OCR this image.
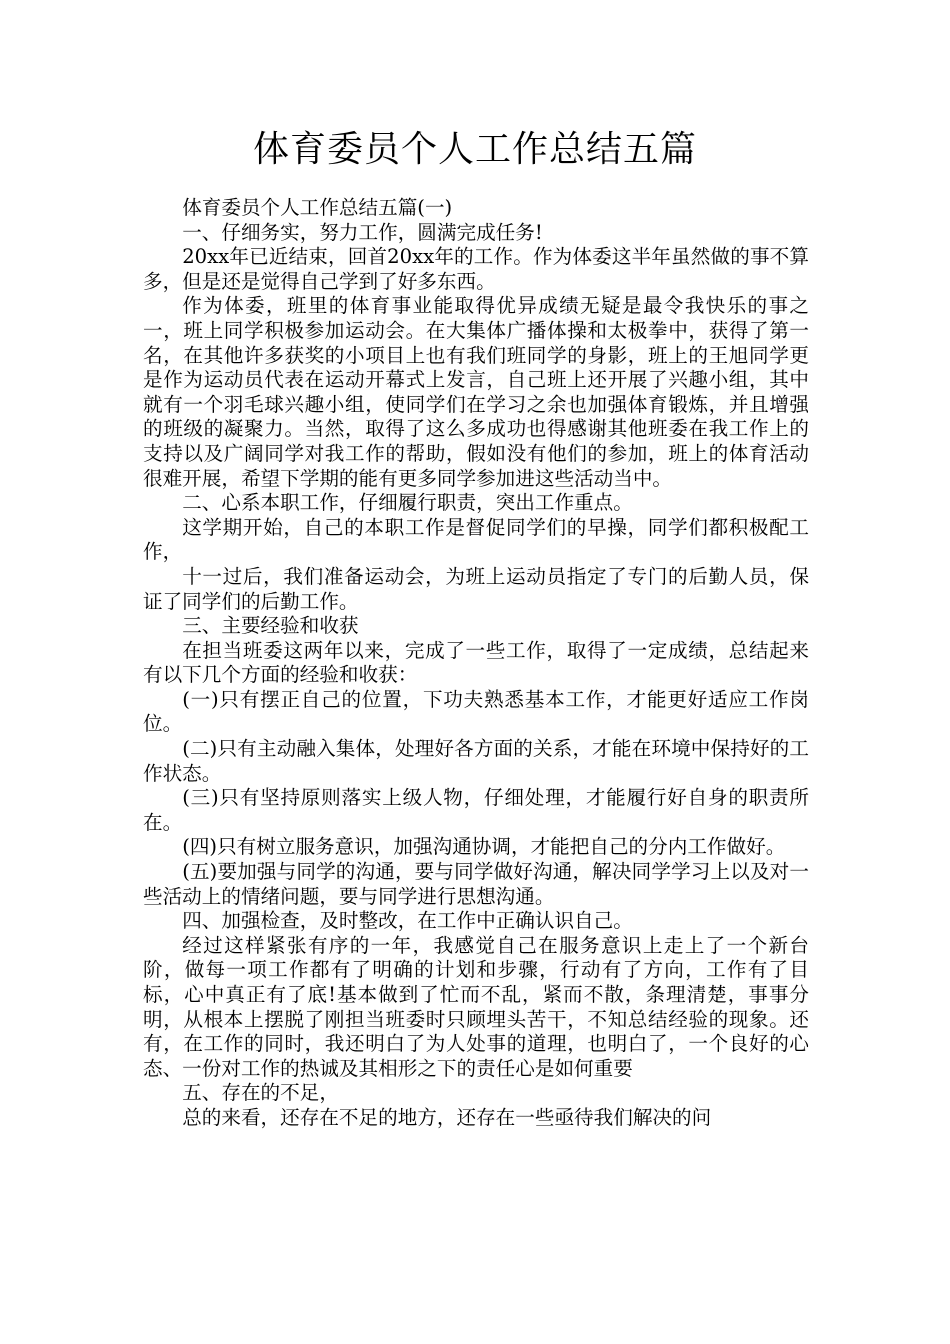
体育委员个人工作总结五篇

体育委员个人工作总结五篇(一)

一、仔细务实，努力工作，圆满完成任务!

20xx年已近结束，回首20xx年的工作。作为体委这半年虽然做的事不算多，但是还是觉得自己学到了好多东西。

作为体委，班里的体育事业能取得优异成绩无疑是最令我快乐的事之一，班上同学积极参加运动会。在大集体广播体操和太极拳中，获得了第一名，在其他许多获奖的小项目上也有我们班同学的身影，班上的王旭同学更是作为运动员代表在运动开幕式上发言，自己班上还开展了兴趣小组，其中就有一个羽毛球兴趣小组，使同学们在学习之余也加强体育锻炼，并且增强的班级的凝聚力。当然，取得了这么多成功也得感谢其他班委在我工作上的支持以及广阔同学对我工作的帮助，假如没有他们的参加，班上的体育活动很难开展，希望下学期的能有更多同学参加进这些活动当中。

二、心系本职工作，仔细履行职责，突出工作重点。

这学期开始，自己的本职工作是督促同学们的早操，同学们都积极配工作，

十一过后，我们准备运动会，为班上运动员指定了专门的后勤人员，保证了同学们的后勤工作。

三、主要经验和收获

在担当班委这两年以来，完成了一些工作，取得了一定成绩，总结起来有以下几个方面的经验和收获：

(一)只有摆正自己的位置，下功夫熟悉基本工作，才能更好适应工作岗位。

(二)只有主动融入集体，处理好各方面的关系，才能在环境中保持好的工作状态。

(三)只有坚持原则落实上级人物，仔细处理，才能履行好自身的职责所在。

(四)只有树立服务意识，加强沟通协调，才能把自己的分内工作做好。

(五)要加强与同学的沟通，要与同学做好沟通，解决同学学习上以及对一些活动上的情绪问题，要与同学进行思想沟通。

四、加强检查，及时整改，在工作中正确认识自己。

经过这样紧张有序的一年，我感觉自己在服务意识上走上了一个新台阶，做每一项工作都有了明确的计划和步骤，行动有了方向，工作有了目标，心中真正有了底!基本做到了忙而不乱，紧而不散，条理清楚，事事分明，从根本上摆脱了刚担当班委时只顾埋头苦干，不知总结经验的现象。还有，在工作的同时，我还明白了为人处事的道理，也明白了，一个良好的心态、一份对工作的热诚及其相形之下的责任心是如何重要

五、存在的不足，

总的来看，还存在不足的地方，还存在一些亟待我们解决的问
